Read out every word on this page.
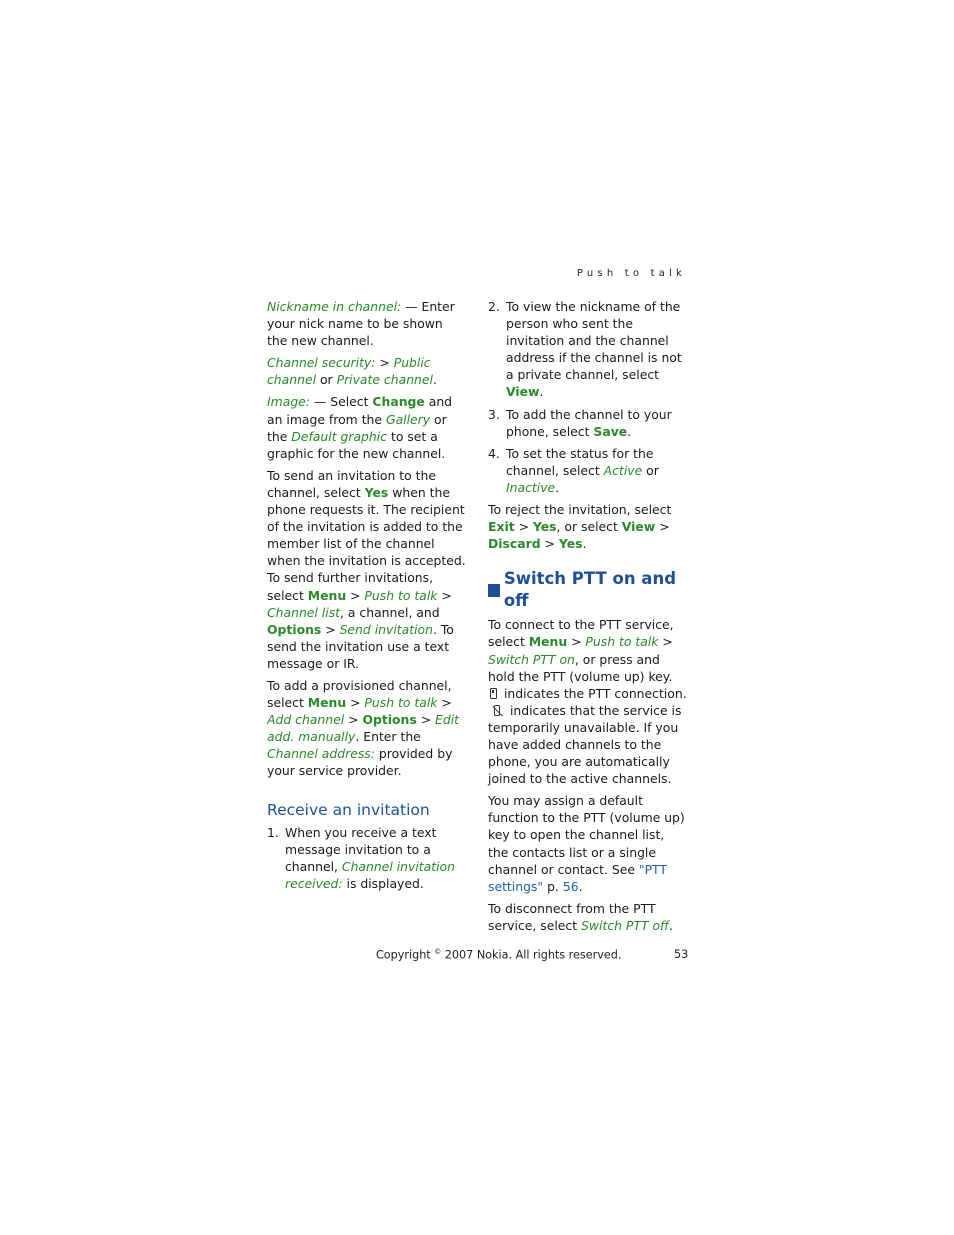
Push to talk

Nickname in channel: — Enter your nick name to be shown the new channel.

Channel security: > Public channel or Private channel.

Image: — Select Change and an image from the Gallery or the Default graphic to set a graphic for the new channel.

To send an invitation to the channel, select Yes when the phone requests it. The recipient of the invitation is added to the member list of the channel when the invitation is accepted. To send further invitations, select Menu > Push to talk > Channel list, a channel, and Options > Send invitation. To send the invitation use a text message or IR.

To add a provisioned channel, select Menu > Push to talk > Add channel > Options > Edit add. manually. Enter the Channel address: provided by your service provider.

Receive an invitation
1. When you receive a text message invitation to a channel, Channel invitation received: is displayed.
2. To view the nickname of the person who sent the invitation and the channel address if the channel is not a private channel, select View.
3. To add the channel to your phone, select Save.
4. To set the status for the channel, select Active or Inactive.

To reject the invitation, select Exit > Yes, or select View > Discard > Yes.

Switch PTT on and off

To connect to the PTT service, select Menu > Push to talk > Switch PTT on, or press and hold the PTT (volume up) key.  indicates the PTT connection.  indicates that the service is temporarily unavailable. If you have added channels to the phone, you are automatically joined to the active channels.

You may assign a default function to the PTT (volume up) key to open the channel list, the contacts list or a single channel or contact. See "PTT settings" p. 56.

To disconnect from the PTT service, select Switch PTT off.

Copyright © 2007 Nokia. All rights reserved.	53
